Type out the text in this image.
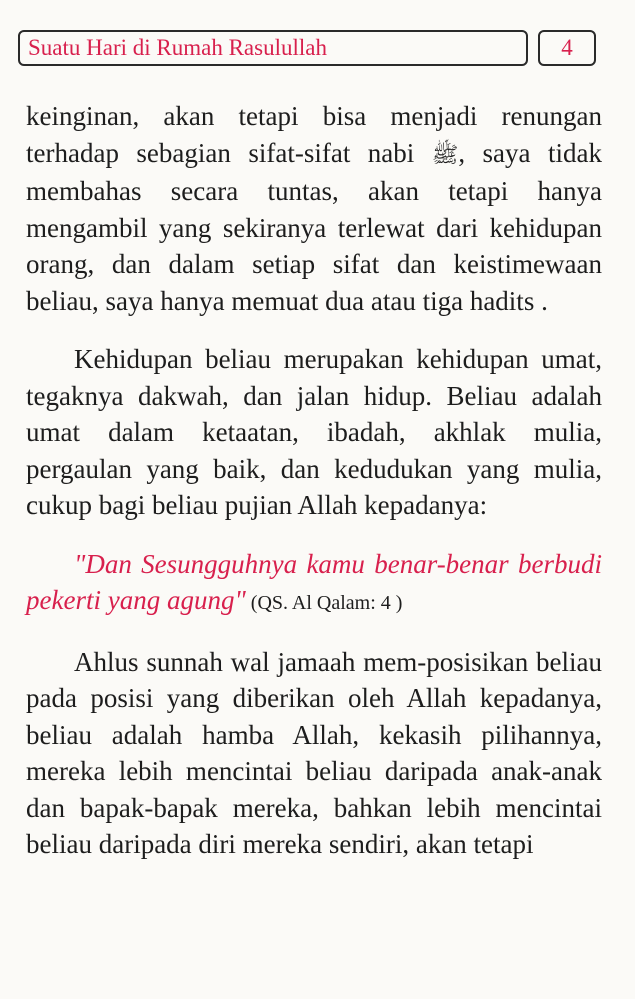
Suatu Hari di Rumah Rasulullah	4

keinginan, akan tetapi bisa menjadi renungan terhadap sebagian sifat-sifat nabi ﷺ, saya tidak membahas secara tuntas, akan tetapi hanya mengambil yang sekiranya terlewat dari kehidupan orang, dan dalam setiap sifat dan keistimewaan beliau, saya hanya memuat dua atau tiga hadits .

Kehidupan beliau merupakan kehidupan umat, tegaknya dakwah, dan jalan hidup. Beliau adalah umat dalam ketaatan, ibadah, akhlak mulia, pergaulan yang baik, dan kedudukan yang mulia, cukup bagi beliau pujian Allah kepadanya:

"Dan Sesungguhnya kamu benar-benar berbudi pekerti yang agung" (QS. Al Qalam: 4 )

Ahlus sunnah wal jamaah mem-posisikan beliau pada posisi yang diberikan oleh Allah kepadanya, beliau adalah hamba Allah, kekasih pilihannya, mereka lebih mencintai beliau daripada anak-anak dan bapak-bapak mereka, bahkan lebih mencintai beliau daripada diri mereka sendiri, akan tetapi
